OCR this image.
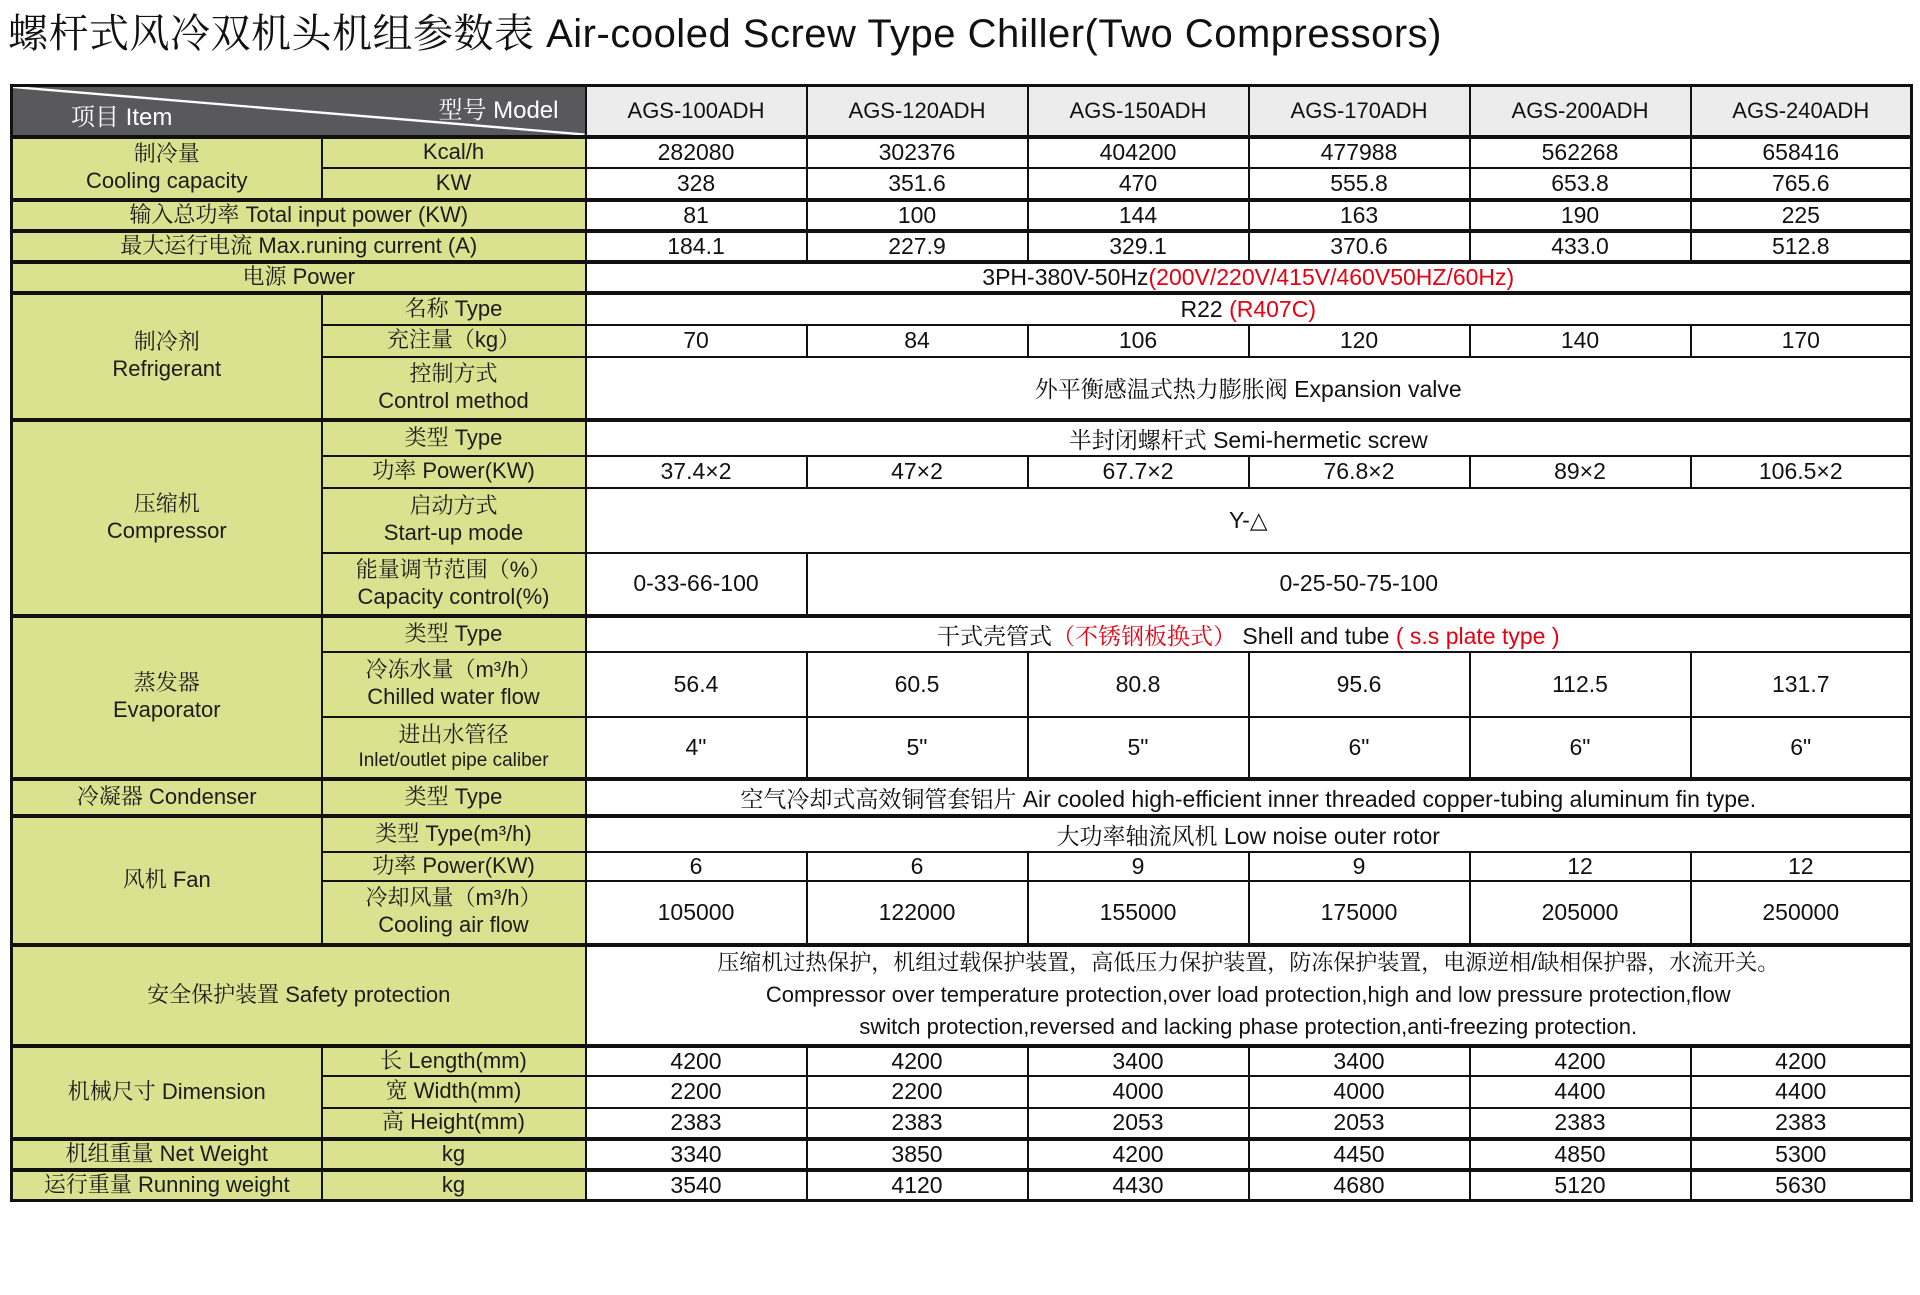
螺杆式风冷双机头机组参数表 Air-cooled Screw Type Chiller(Two Compressors)
型号 Model
项目 Item		AGS-100ADH	AGS-120ADH	AGS-150ADH	AGS-170ADH	AGS-200ADH	AGS-240ADH

制冷量
Cooling capacity	Kcal/h	282080	302376	404200	477988	562268	658416
	KW	328	351.6	470	555.8	653.8	765.6
输入总功率 Total input power (KW)		81	100	144	163	190	225
最大运行电流 Max.runing current (A)		184.1	227.9	329.1	370.6	433.0	512.8
电源 Power		3PH-380V-50Hz(200V/220V/415V/460V50HZ/60Hz)					

制冷剂
Refrigerant	名称 Type	R22 (R407C)					
	充注量（kg）	70	84	106	120	140	170

	控制方式
Control method	外平衡感温式热力膨胀阀 Expansion valve					

压缩机
Compressor	类型 Type	半封闭螺杆式 Semi-hermetic screw					
	功率 Power(KW)	37.4×2	47×2	67.7×2	76.8×2	89×2	106.5×2

	启动方式
Start-up mode	Y-△					

	能量调节范围（%）
Capacity control(%)	0-33-66-100	0-25-50-75-100				

蒸发器
Evaporator	类型 Type	干式壳管式（不锈钢板换式） Shell and tube ( s.s plate type )					

	冷冻水量（m³/h）
Chilled water flow	56.4	60.5	80.8	95.6	112.5	131.7

	进出水管径
Inlet/outlet pipe caliber	4"	5"	5"	6"	6"	6"
冷凝器 Condenser	类型 Type	空气冷却式高效铜管套铝片 Air cooled high-efficient inner threaded copper-tubing aluminum fin type.					
风机 Fan	类型 Type(m³/h)	大功率轴流风机 Low noise outer rotor					
	功率 Power(KW)	6	6	9	9	12	12

	冷却风量（m³/h）
Cooling air flow	105000	122000	155000	175000	205000	250000
安全保护装置 Safety protection		压缩机过热保护，机组过载保护装置，高低压力保护装置，防冻保护装置，电源逆相/缺相保护器，水流开关。
Compressor over temperature protection,over load protection,high and low pressure protection,flow
switch protection,reversed and lacking phase protection,anti-freezing protection.					

机械尺寸 Dimension	长 Length(mm)	4200	4200	3400	3400	4200	4200
	宽 Width(mm)	2200	2200	4000	4000	4400	4400
	高 Height(mm)	2383	2383	2053	2053	2383	2383
机组重量 Net Weight	kg	3340	3850	4200	4450	4850	5300
运行重量 Running weight	kg	3540	4120	4430	4680	5120	5630
